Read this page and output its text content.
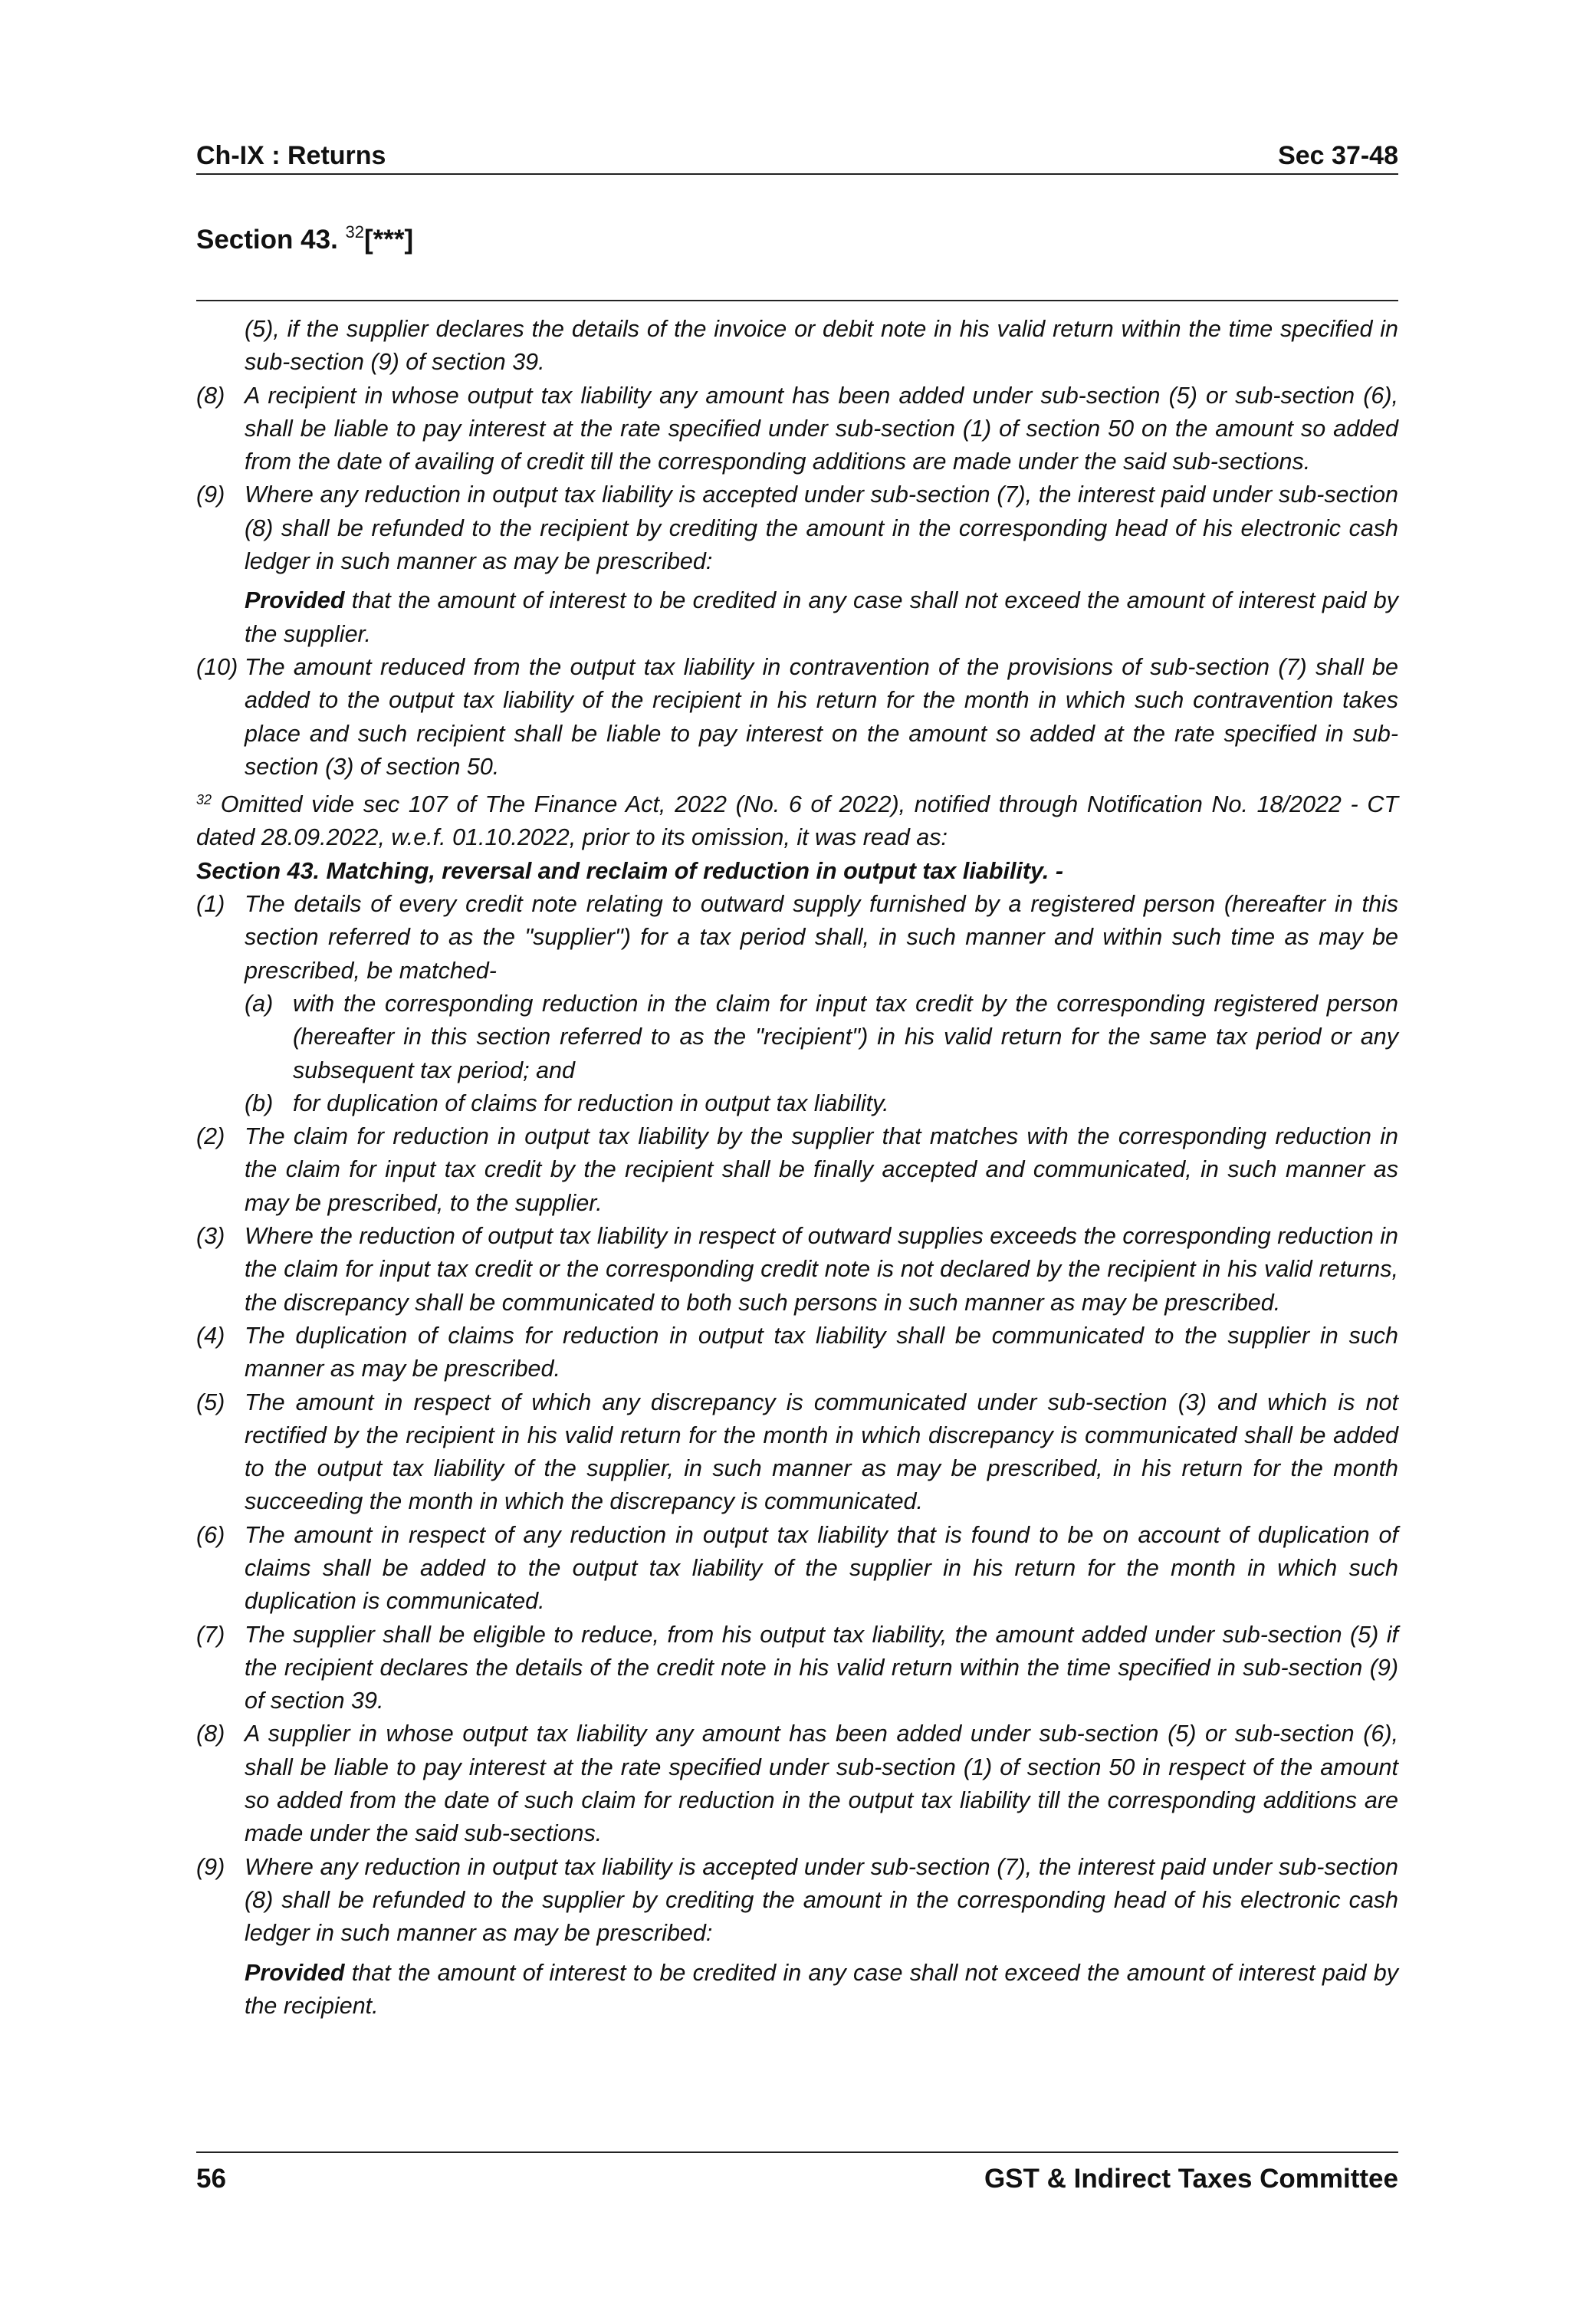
Ch-IX : Returns	Sec 37-48
Section 43. $^{32}$[***]
(5), if the supplier declares the details of the invoice or debit note in his valid return within the time specified in sub-section (9) of section 39.
(8) A recipient in whose output tax liability any amount has been added under sub-section (5) or sub-section (6), shall be liable to pay interest at the rate specified under sub-section (1) of section 50 on the amount so added from the date of availing of credit till the corresponding additions are made under the said sub-sections.
(9) Where any reduction in output tax liability is accepted under sub-section (7), the interest paid under sub-section (8) shall be refunded to the recipient by crediting the amount in the corresponding head of his electronic cash ledger in such manner as may be prescribed:
Provided that the amount of interest to be credited in any case shall not exceed the amount of interest paid by the supplier.
(10) The amount reduced from the output tax liability in contravention of the provisions of sub-section (7) shall be added to the output tax liability of the recipient in his return for the month in which such contravention takes place and such recipient shall be liable to pay interest on the amount so added at the rate specified in sub-section (3) of section 50.
$^{32}$ Omitted vide sec 107 of The Finance Act, 2022 (No. 6 of 2022), notified through Notification No. 18/2022 - CT dated 28.09.2022, w.e.f. 01.10.2022, prior to its omission, it was read as:
Section 43. Matching, reversal and reclaim of reduction in output tax liability. -
(1) The details of every credit note relating to outward supply furnished by a registered person (hereafter in this section referred to as the "supplier") for a tax period shall, in such manner and within such time as may be prescribed, be matched-
(a) with the corresponding reduction in the claim for input tax credit by the corresponding registered person (hereafter in this section referred to as the "recipient") in his valid return for the same tax period or any subsequent tax period; and
(b) for duplication of claims for reduction in output tax liability.
(2) The claim for reduction in output tax liability by the supplier that matches with the corresponding reduction in the claim for input tax credit by the recipient shall be finally accepted and communicated, in such manner as may be prescribed, to the supplier.
(3) Where the reduction of output tax liability in respect of outward supplies exceeds the corresponding reduction in the claim for input tax credit or the corresponding credit note is not declared by the recipient in his valid returns, the discrepancy shall be communicated to both such persons in such manner as may be prescribed.
(4) The duplication of claims for reduction in output tax liability shall be communicated to the supplier in such manner as may be prescribed.
(5) The amount in respect of which any discrepancy is communicated under sub-section (3) and which is not rectified by the recipient in his valid return for the month in which discrepancy is communicated shall be added to the output tax liability of the supplier, in such manner as may be prescribed, in his return for the month succeeding the month in which the discrepancy is communicated.
(6) The amount in respect of any reduction in output tax liability that is found to be on account of duplication of claims shall be added to the output tax liability of the supplier in his return for the month in which such duplication is communicated.
(7) The supplier shall be eligible to reduce, from his output tax liability, the amount added under sub-section (5) if the recipient declares the details of the credit note in his valid return within the time specified in sub-section (9) of section 39.
(8) A supplier in whose output tax liability any amount has been added under sub-section (5) or sub-section (6), shall be liable to pay interest at the rate specified under sub-section (1) of section 50 in respect of the amount so added from the date of such claim for reduction in the output tax liability till the corresponding additions are made under the said sub-sections.
(9) Where any reduction in output tax liability is accepted under sub-section (7), the interest paid under sub-section (8) shall be refunded to the supplier by crediting the amount in the corresponding head of his electronic cash ledger in such manner as may be prescribed:
Provided that the amount of interest to be credited in any case shall not exceed the amount of interest paid by the recipient.
56	GST & Indirect Taxes Committee
